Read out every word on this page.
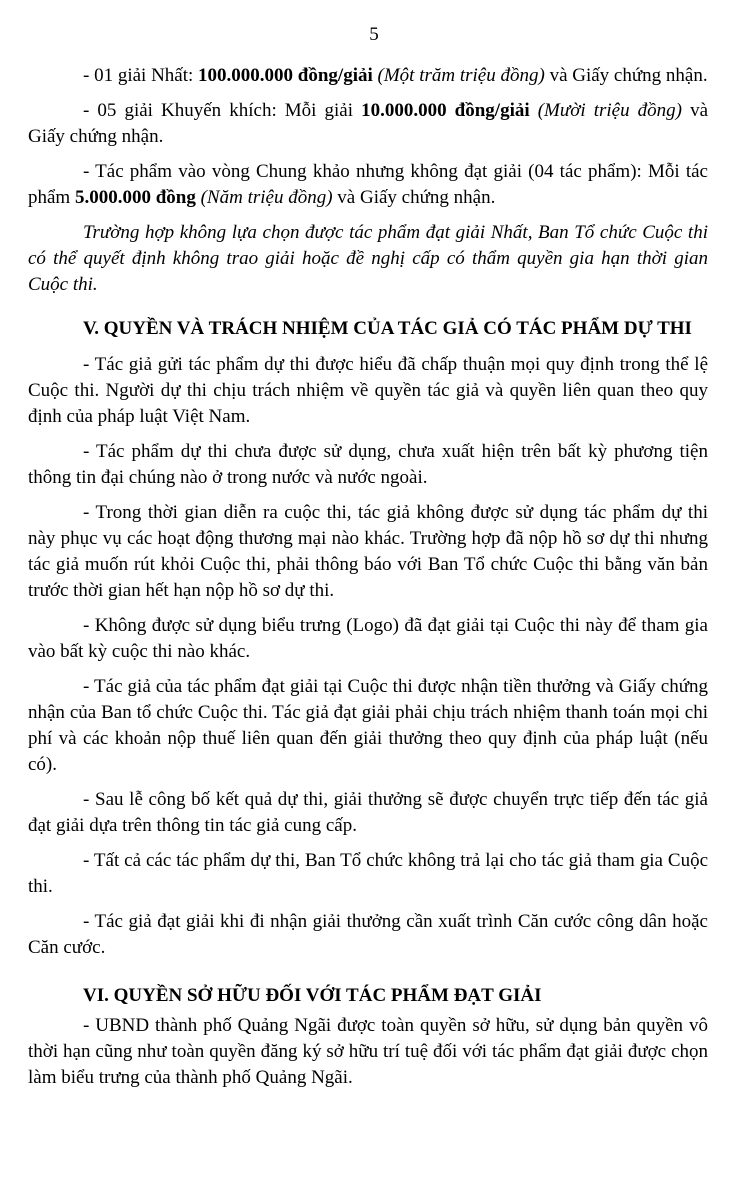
5

- 01 giải Nhất: 100.000.000 đồng/giải (Một trăm triệu đồng) và Giấy chứng nhận.

- 05 giải Khuyến khích: Mỗi giải 10.000.000 đồng/giải (Mười triệu đồng) và Giấy chứng nhận.

- Tác phẩm vào vòng Chung khảo nhưng không đạt giải (04 tác phẩm): Mỗi tác phẩm 5.000.000 đồng (Năm triệu đồng) và Giấy chứng nhận.

Trường hợp không lựa chọn được tác phẩm đạt giải Nhất, Ban Tổ chức Cuộc thi có thể quyết định không trao giải hoặc đề nghị cấp có thẩm quyền gia hạn thời gian Cuộc thi.

V. QUYỀN VÀ TRÁCH NHIỆM CỦA TÁC GIẢ CÓ TÁC PHẨM DỰ THI

- Tác giả gửi tác phẩm dự thi được hiểu đã chấp thuận mọi quy định trong thể lệ Cuộc thi. Người dự thi chịu trách nhiệm về quyền tác giả và quyền liên quan theo quy định của pháp luật Việt Nam.

- Tác phẩm dự thi chưa được sử dụng, chưa xuất hiện trên bất kỳ phương tiện thông tin đại chúng nào ở trong nước và nước ngoài.

- Trong thời gian diễn ra cuộc thi, tác giả không được sử dụng tác phẩm dự thi này phục vụ các hoạt động thương mại nào khác. Trường hợp đã nộp hồ sơ dự thi nhưng tác giả muốn rút khỏi Cuộc thi, phải thông báo với Ban Tổ chức Cuộc thi bằng văn bản trước thời gian hết hạn nộp hồ sơ dự thi.

- Không được sử dụng biểu trưng (Logo) đã đạt giải tại Cuộc thi này để tham gia vào bất kỳ cuộc thi nào khác.

- Tác giả của tác phẩm đạt giải tại Cuộc thi được nhận tiền thưởng và Giấy chứng nhận của Ban tổ chức Cuộc thi. Tác giả đạt giải phải chịu trách nhiệm thanh toán mọi chi phí và các khoản nộp thuế liên quan đến giải thưởng theo quy định của pháp luật (nếu có).

- Sau lễ công bố kết quả dự thi, giải thưởng sẽ được chuyển trực tiếp đến tác giả đạt giải dựa trên thông tin tác giả cung cấp.

- Tất cả các tác phẩm dự thi, Ban Tổ chức không trả lại cho tác giả tham gia Cuộc thi.

- Tác giả đạt giải khi đi nhận giải thưởng cần xuất trình Căn cước công dân hoặc Căn cước.

VI. QUYỀN SỞ HỮU ĐỐI VỚI TÁC PHẨM ĐẠT GIẢI

- UBND thành phố Quảng Ngãi được toàn quyền sở hữu, sử dụng bản quyền vô thời hạn cũng như toàn quyền đăng ký sở hữu trí tuệ đối với tác phẩm đạt giải được chọn làm biểu trưng của thành phố Quảng Ngãi.
